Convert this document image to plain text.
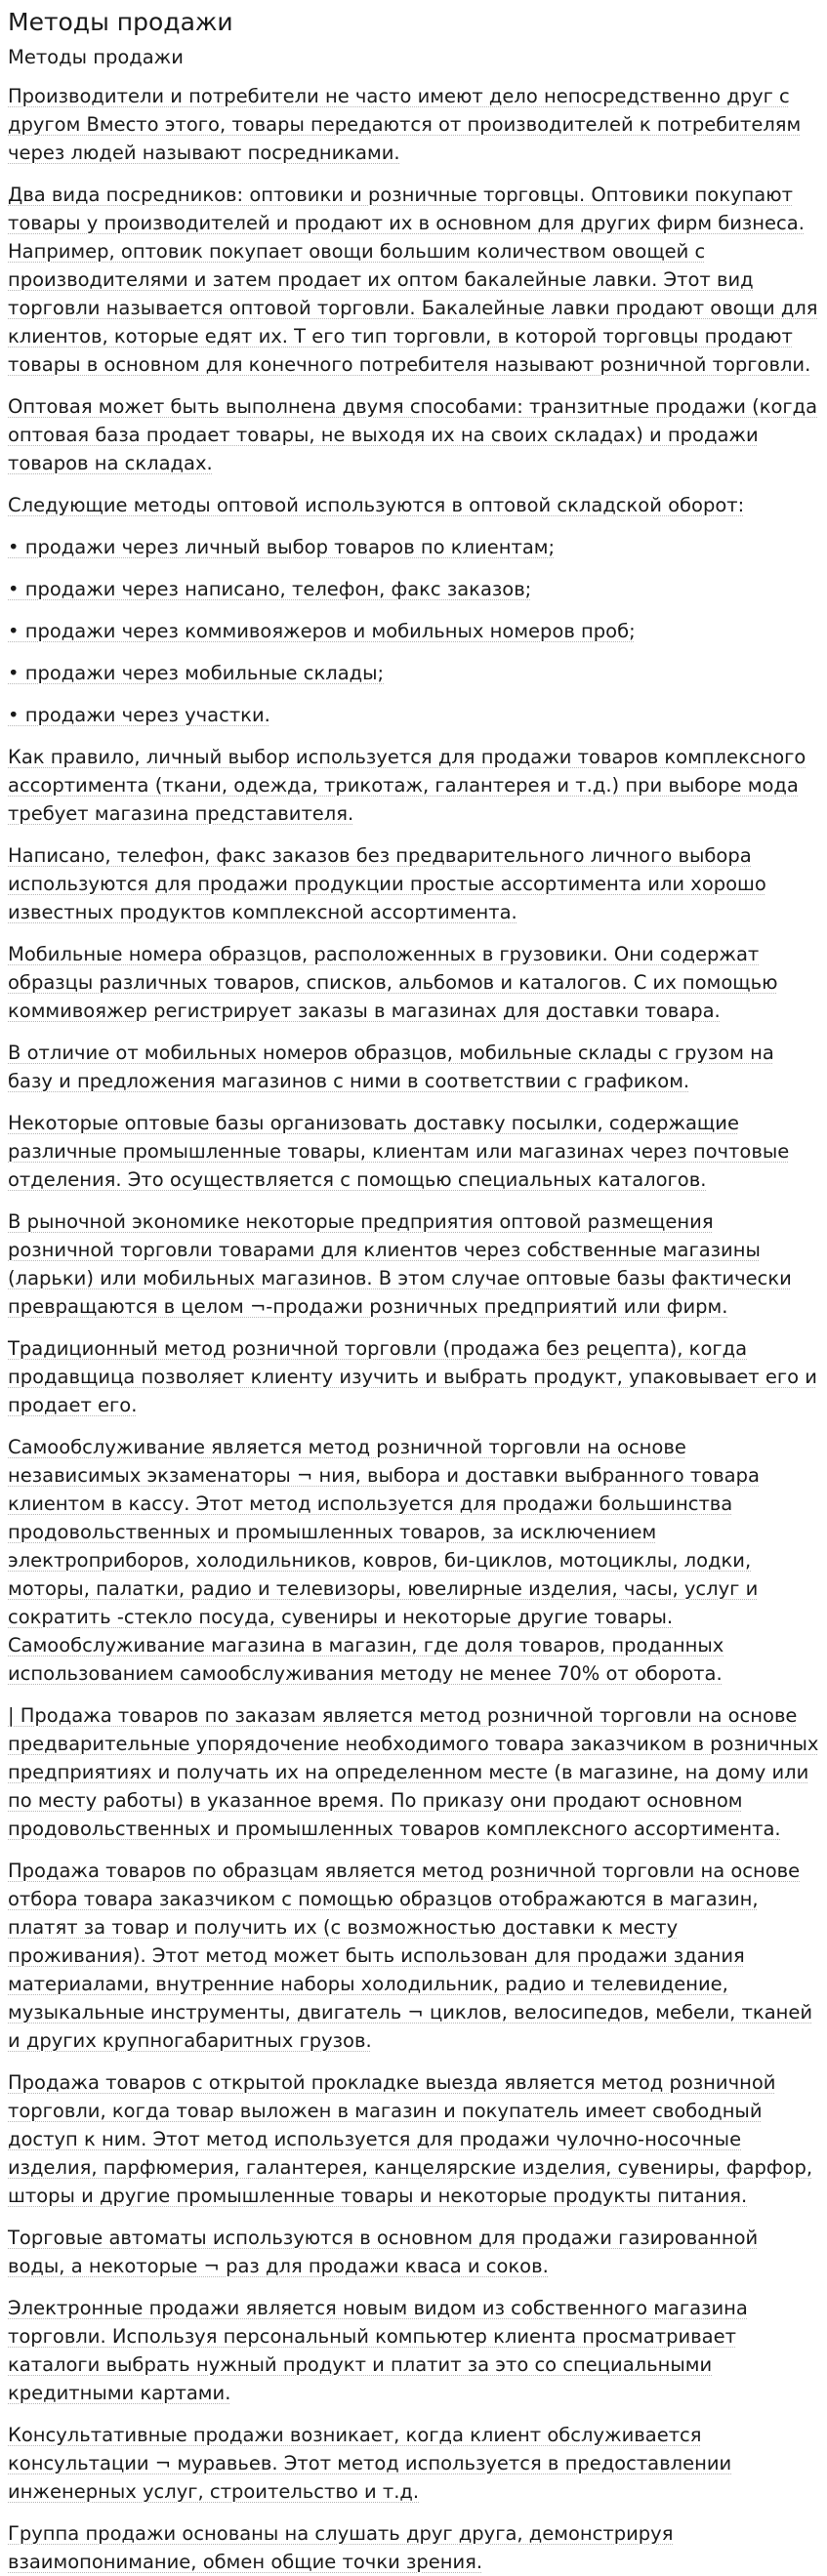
Методы продажи
Методы продажи

Производители и потребители не часто имеют дело непосредственно друг с другом Вместо этого, товары передаются от производителей к потребителям через людей называют посредниками.

Два вида посредников: оптовики и розничные торговцы. Оптовики покупают товары у производителей и продают их в основном для других фирм бизнеса. Например, оптовик покупает овощи большим количеством овощей с производителями и затем продает их оптом бакалейные лавки. Этот вид торговли называется оптовой торговли. Бакалейные лавки продают овощи для клиентов, которые едят их. Т его тип торговли, в которой торговцы продают товары в основном для конечного потребителя называют розничной торговли.

Оптовая может быть выполнена двумя способами: транзитные продажи (когда оптовая база продает товары, не выходя их на своих складах) и продажи товаров на складах.

Следующие методы оптовой используются в оптовой складской оборот:

• продажи через личный выбор товаров по клиентам;

• продажи через написано, телефон, факс заказов;

• продажи через коммивояжеров и мобильных номеров проб;

• продажи через мобильные склады;

• продажи через участки.

Как правило, личный выбор используется для продажи товаров комплексного ассортимента (ткани, одежда, трикотаж, галантерея и т.д.) при выборе мода требует магазина представителя.

Написано, телефон, факс заказов без предварительного личного выбора используются для продажи продукции простые ассортимента или хорошо известных продуктов комплексной ассортимента.

Мобильные номера образцов, расположенных в грузовики. Они содержат образцы различных товаров, списков, альбомов и каталогов. С их помощью коммивояжер регистрирует заказы в магазинах для доставки товара.

В отличие от мобильных номеров образцов, мобильные склады с грузом на базу и предложения магазинов с ними в соответствии с графиком.

Некоторые оптовые базы организовать доставку посылки, содержащие различные промышленные товары, клиентам или магазинах через почтовые отделения. Это осуществляется с помощью специальных каталогов.

В рыночной экономике некоторые предприятия оптовой размещения розничной торговли товарами для клиентов через собственные магазины (ларьки) или мобильных магазинов. В этом случае оптовые базы фактически превращаются в целом ¬-продажи розничных предприятий или фирм.

Традиционный метод розничной торговли (продажа без рецепта), когда продавщица позволяет клиенту изучить и выбрать продукт, упаковывает его и продает его.

Самообслуживание является метод розничной торговли на основе независимых экзаменаторы ¬ ния, выбора и доставки выбранного товара клиентом в кассу. Этот метод используется для продажи большинства продовольственных и промышленных товаров, за исключением электроприборов, холодильников, ковров, би-циклов, мотоциклы, лодки, моторы, палатки, радио и телевизоры, ювелирные изделия, часы, услуг и сократить -стекло посуда, сувениры и некоторые другие товары. Самообслуживание магазина в магазин, где доля товаров, проданных использованием самообслуживания методу не менее 70% от оборота.

| Продажа товаров по заказам является метод розничной торговли на основе предварительные упорядочение необходимого товара заказчиком в розничных предприятиях и получать их на определенном месте (в магазине, на дому или по месту работы) в указанное время. По приказу они продают основном продовольственных и промышленных товаров комплексного ассортимента.

Продажа товаров по образцам является метод розничной торговли на основе отбора товара заказчиком с помощью образцов отображаются в магазин, платят за товар и получить их (с возможностью доставки к месту проживания). Этот метод может быть использован для продажи здания материалами, внутренние наборы холодильник, радио и телевидение, музыкальные инструменты, двигатель ¬ циклов, велосипедов, мебели, тканей и других крупногабаритных грузов.

Продажа товаров с открытой прокладке выезда является метод розничной торговли, когда товар выложен в магазин и покупатель имеет свободный доступ к ним. Этот метод используется для продажи чулочно-носочные изделия, парфюмерия, галантерея, канцелярские изделия, сувениры, фарфор, шторы и другие промышленные товары и некоторые продукты питания.

Торговые автоматы используются в основном для продажи газированной воды, а некоторые ¬ раз для продажи кваса и соков.

Электронные продажи является новым видом из собственного магазина торговли. Используя персональный компьютер клиента просматривает каталоги выбрать нужный продукт и платит за это со специальными кредитными картами.

Консультативные продажи возникает, когда клиент обслуживается консультации ¬ муравьев. Этот метод используется в предоставлении инженерных услуг, строительство и т.д.

Группа продажи основаны на слушать друг друга, демонстрируя взаимопонимание, обмен общие точки зрения.
